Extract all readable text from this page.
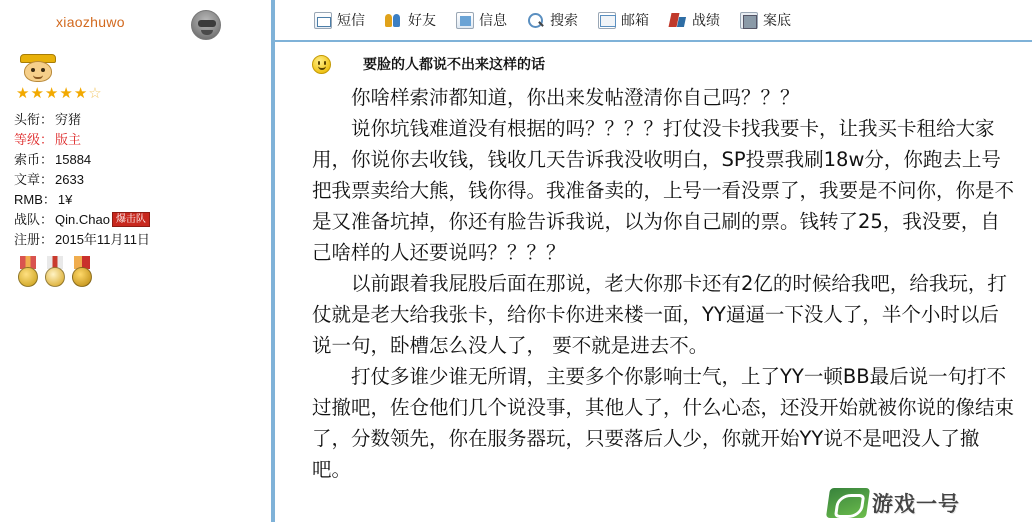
xiaozhuwo
★★★★★☆
头衔： 穷猪
等级： 版主
索币： 15884
文章： 2633
RMB： 1¥
战队： Qin.Chao 爆击队
注册： 2015年11月11日
短信	好友	信息	搜索	邮箱	战绩	案底
要脸的人都说不出来这样的话

你啥样索沛都知道，你出来发帖澄清你自己吗？？？

说你坑钱难道没有根据的吗？？？？打仗没卡找我要卡，让我买卡租给大家用，你说你去收钱，钱收几天告诉我没收明白，SP投票我刷18w分，你跑去上号把我票卖给大熊，钱你得。我准备卖的，上号一看没票了，我要是不问你，你是不是又准备坑掉，你还有脸告诉我说，以为你自己刷的票。钱转了25，我没要，自己啥样的人还要说吗？？？？

以前跟着我屁股后面在那说，老大你那卡还有2亿的时候给我吧，给我玩，打仗就是老大给我张卡，给你卡你进来楼一面，YY逼逼一下没人了，半个小时以后说一句，卧槽怎么没人了， 要不就是进去不。

打仗多谁少谁无所谓，主要多个你影响士气，上了YY一顿BB最后说一句打不过撤吧，佐仓他们几个说没事，其他人了，什么心态，还没开始就被你说的像结束了，分数领先，你在服务器玩，只要落后人少，你就开始YY说不是吧没人了撤吧。

游戏一号
